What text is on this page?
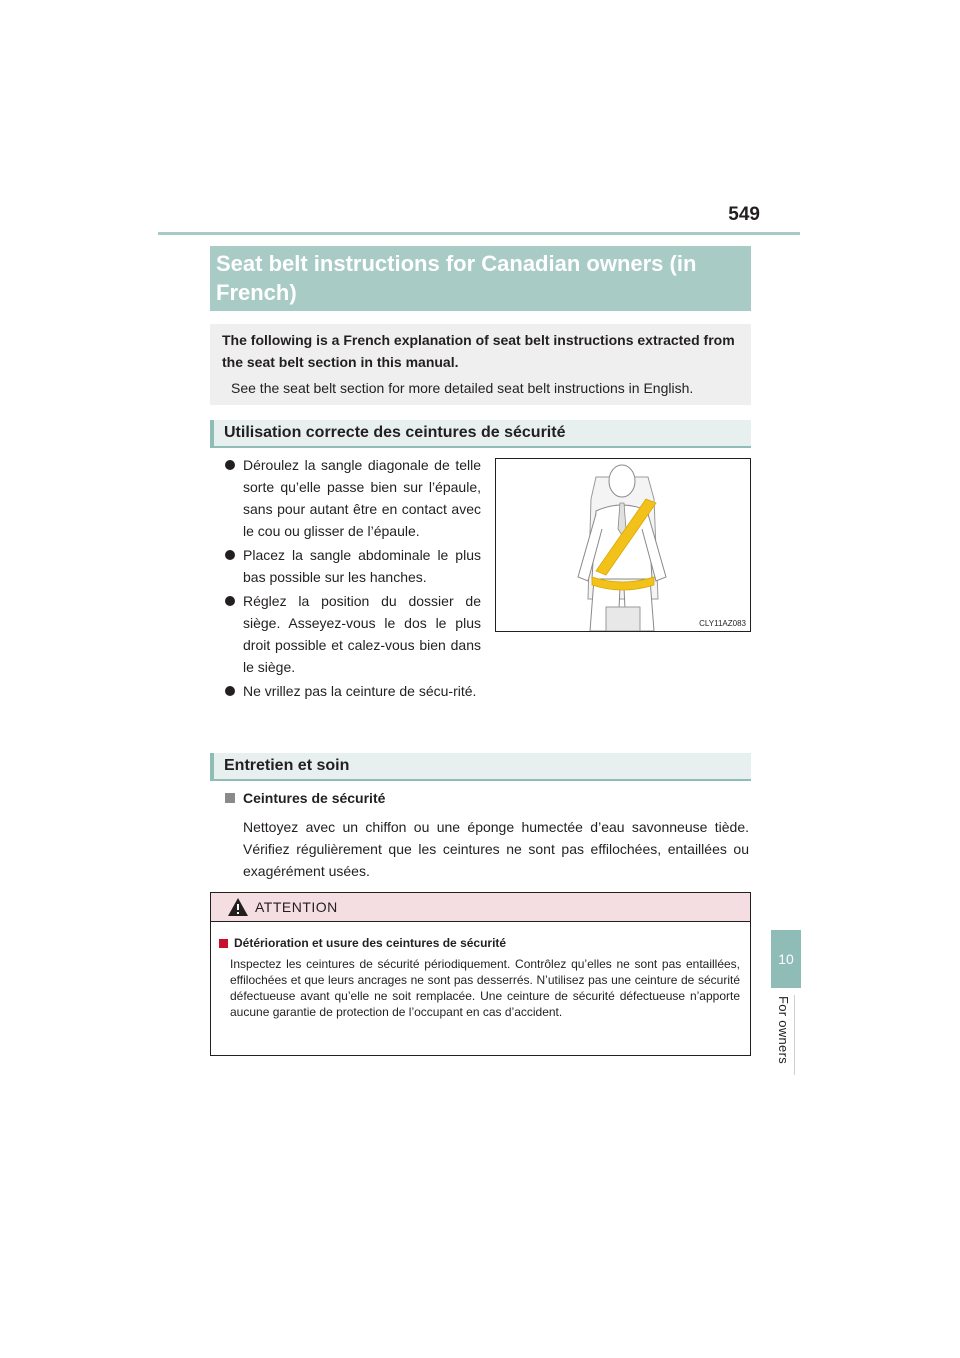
549
10
For owners
Seat belt instructions for Canadian owners (in French)

The following is a French explanation of seat belt instructions extracted from the seat belt section in this manual.

See the seat belt section for more detailed seat belt instructions in English.

Utilisation correcte des ceintures de sécurité
Déroulez la sangle diagonale de telle sorte qu’elle passe bien sur l’épaule, sans pour autant être en contact avec le cou ou glisser de l’épaule.
Placez la sangle abdominale le plus bas possible sur les hanches.
Réglez la position du dossier de siège. Asseyez-vous le dos le plus droit possible et calez-vous bien dans le siège.
Ne vrillez pas la ceinture de sécu-rité.
CLY11AZ083
Entretien et soin
Ceintures de sécurité

Nettoyez avec un chiffon ou une éponge humectée d’eau savonneuse tiède. Vérifiez régulièrement que les ceintures ne sont pas effilochées, entaillées ou exagérément usées.

ATTENTION
Détérioration et usure des ceintures de sécurité
Inspectez les ceintures de sécurité périodiquement. Contrôlez qu’elles ne sont pas entaillées, effilochées et que leurs ancrages ne sont pas desserrés. N’utilisez pas une ceinture de sécurité défectueuse avant qu’elle ne soit remplacée. Une ceinture de sécurité défectueuse n’apporte aucune garantie de protection de l’occupant en cas d’accident.
